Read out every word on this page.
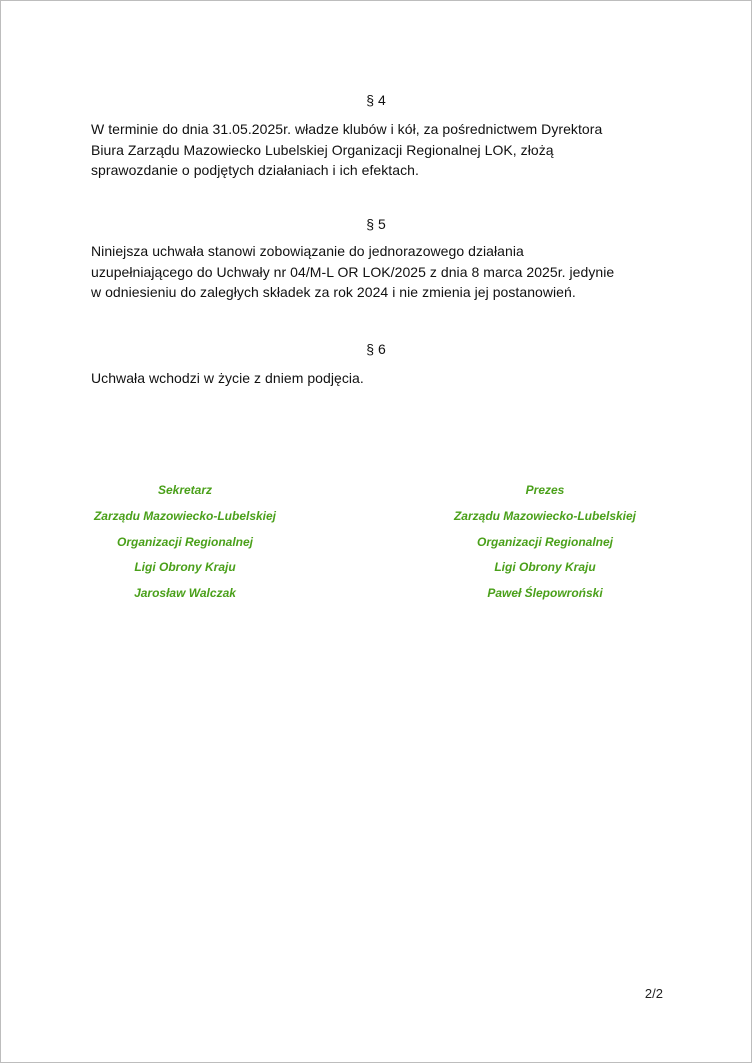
§ 4
W terminie do dnia 31.05.2025r. władze klubów i kół, za pośrednictwem Dyrektora
Biura Zarządu Mazowiecko Lubelskiej Organizacji Regionalnej LOK, złożą
sprawozdanie o podjętych działaniach i ich efektach.
§ 5
Niniejsza uchwała stanowi zobowiązanie do jednorazowego działania
uzupełniającego do Uchwały nr 04/M-L OR LOK/2025 z dnia 8 marca 2025r. jedynie
w odniesieniu do zaległych składek za rok 2024 i nie zmienia jej postanowień.
§ 6
Uchwała wchodzi w życie z dniem podjęcia.
Sekretarz
Zarządu Mazowiecko-Lubelskiej
Organizacji Regionalnej
Ligi Obrony Kraju
Jarosław Walczak
Prezes
Zarządu Mazowiecko-Lubelskiej
Organizacji Regionalnej
Ligi Obrony Kraju
Paweł Ślepowroński
2/2
